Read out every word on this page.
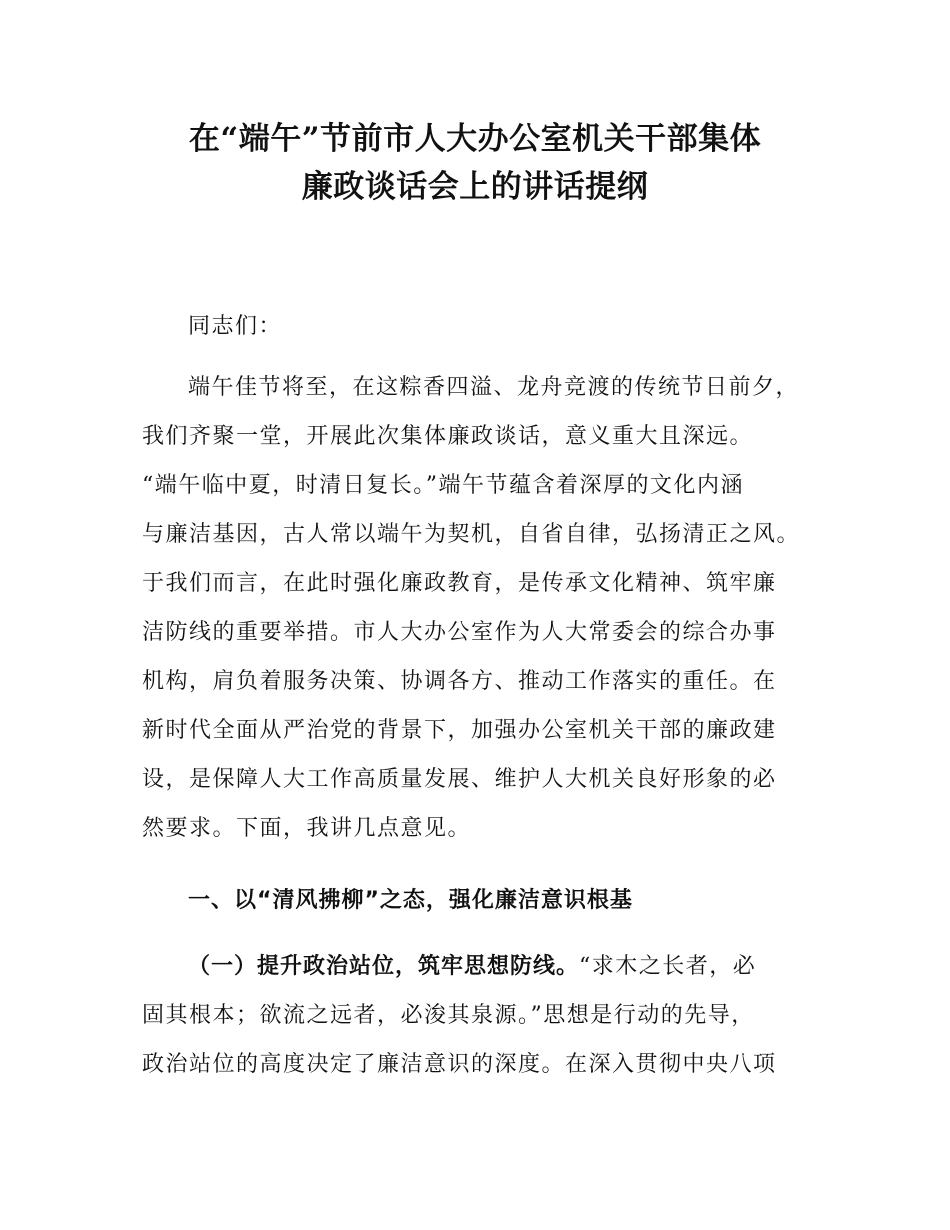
在“端午”节前市人大办公室机关干部集体
廉政谈话会上的讲话提纲
同志们：
端午佳节将至，在这粽香四溢、龙舟竞渡的传统节日前夕，
我们齐聚一堂，开展此次集体廉政谈话，意义重大且深远。
“端午临中夏，时清日复长。”端午节蕴含着深厚的文化内涵
与廉洁基因，古人常以端午为契机，自省自律，弘扬清正之风。
于我们而言，在此时强化廉政教育，是传承文化精神、筑牢廉
洁防线的重要举措。市人大办公室作为人大常委会的综合办事
机构，肩负着服务决策、协调各方、推动工作落实的重任。在
新时代全面从严治党的背景下，加强办公室机关干部的廉政建
设，是保障人大工作高质量发展、维护人大机关良好形象的必
然要求。下面，我讲几点意见。
一、以“清风拂柳”之态，强化廉洁意识根基
（一）提升政治站位，筑牢思想防线。“求木之长者，必
固其根本；欲流之远者，必浚其泉源。”思想是行动的先导，
政治站位的高度决定了廉洁意识的深度。在深入贯彻中央八项
